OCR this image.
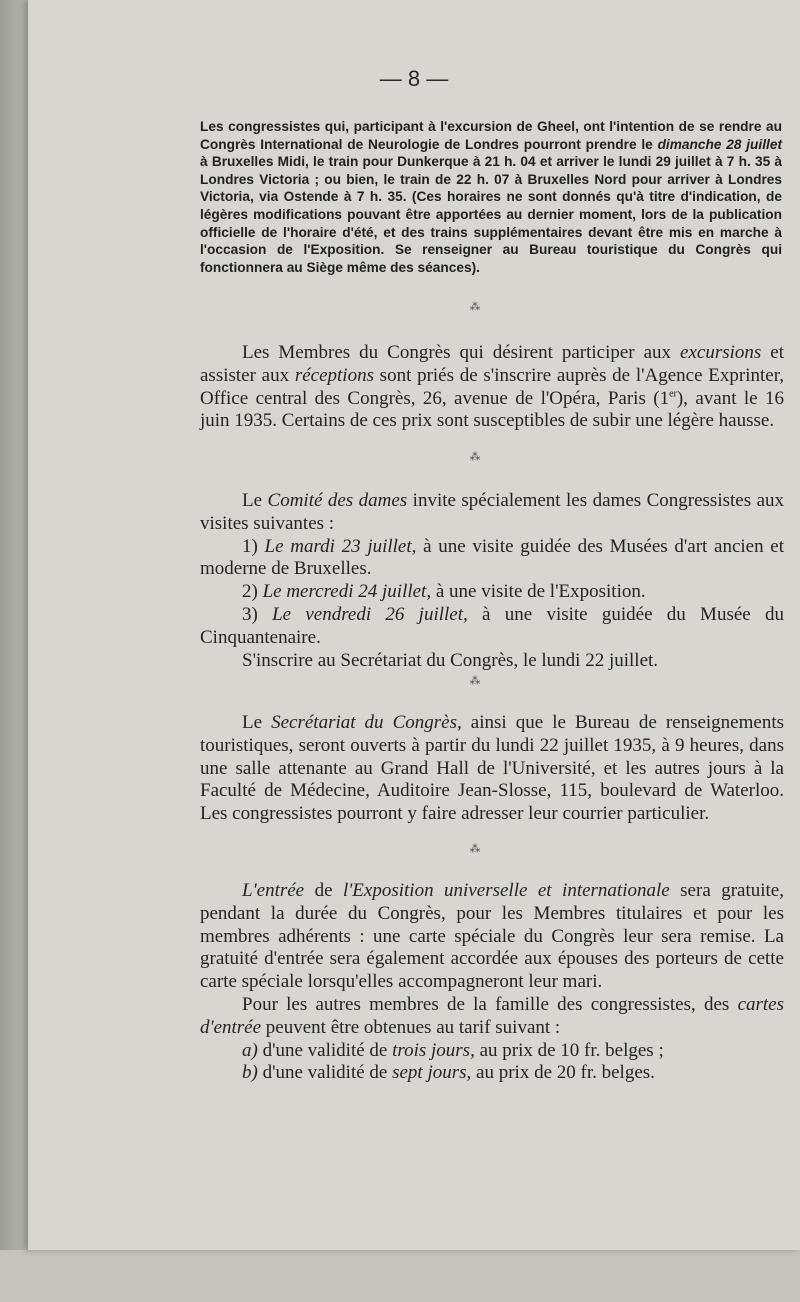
— 8 —
Les congressistes qui, participant à l'excursion de Gheel, ont l'intention de se rendre au Congrès International de Neurologie de Londres pourront prendre le dimanche 28 juillet à Bruxelles Midi, le train pour Dunkerque à 21 h. 04 et arriver le lundi 29 juillet à 7 h. 35 à Londres Victoria ; ou bien, le train de 22 h. 07 à Bruxelles Nord pour arriver à Londres Victoria, via Ostende à 7 h. 35. (Ces horaires ne sont donnés qu'à titre d'indication, de légères modifications pouvant être apportées au dernier moment, lors de la publication officielle de l'horaire d'été, et des trains supplémentaires devant être mis en marche à l'occasion de l'Exposition. Se renseigner au Bureau touristique du Congrès qui fonctionnera au Siège même des séances).
⁂

Les Membres du Congrès qui désirent participer aux excursions et assister aux réceptions sont priés de s'inscrire auprès de l'Agence Exprinter, Office central des Congrès, 26, avenue de l'Opéra, Paris (1er), avant le 16 juin 1935. Certains de ces prix sont susceptibles de subir une légère hausse.

⁂

Le Comité des dames invite spécialement les dames Congressistes aux visites suivantes :

1) Le mardi 23 juillet, à une visite guidée des Musées d'art ancien et moderne de Bruxelles.

2) Le mercredi 24 juillet, à une visite de l'Exposition.

3) Le vendredi 26 juillet, à une visite guidée du Musée du Cinquantenaire.

S'inscrire au Secrétariat du Congrès, le lundi 22 juillet.

⁂

Le Secrétariat du Congrès, ainsi que le Bureau de renseignements touristiques, seront ouverts à partir du lundi 22 juillet 1935, à 9 heures, dans une salle attenante au Grand Hall de l'Université, et les autres jours à la Faculté de Médecine, Auditoire Jean-Slosse, 115, boulevard de Waterloo. Les congressistes pourront y faire adresser leur courrier particulier.

⁂

L'entrée de l'Exposition universelle et internationale sera gratuite, pendant la durée du Congrès, pour les Membres titulaires et pour les membres adhérents : une carte spéciale du Congrès leur sera remise. La gratuité d'entrée sera également accordée aux épouses des porteurs de cette carte spéciale lorsqu'elles accompagneront leur mari.

Pour les autres membres de la famille des congressistes, des cartes d'entrée peuvent être obtenues au tarif suivant :

a) d'une validité de trois jours, au prix de 10 fr. belges ;

b) d'une validité de sept jours, au prix de 20 fr. belges.
